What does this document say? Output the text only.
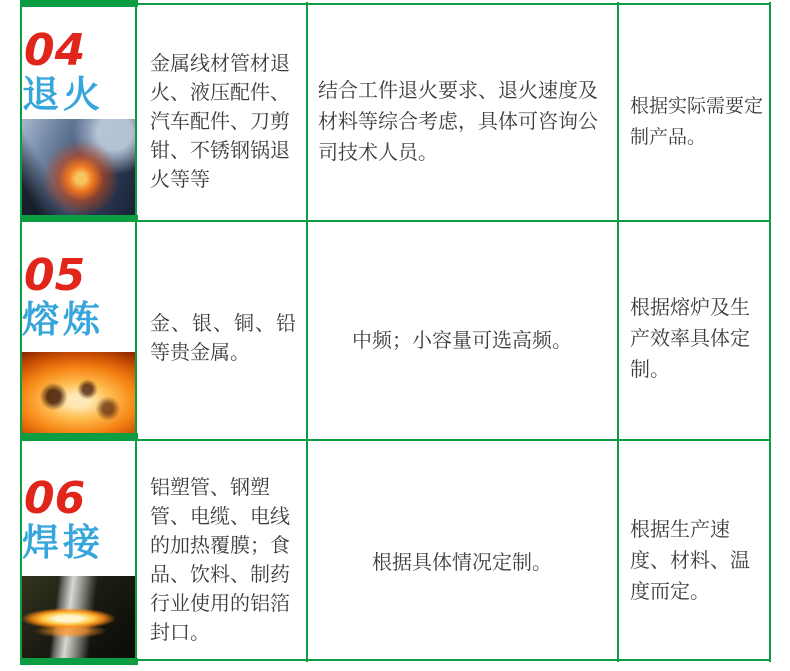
04
退火

金属线材管材退火、液压配件、汽车配件、刀剪钳、不锈钢锅退火等等

结合工件退火要求、退火速度及材料等综合考虑，具体可咨询公司技术人员。

根据实际需要定制产品。

05
熔炼	金、银、铜、铅等贵金属。

中频；小容量可选高频。

根据熔炉及生产效率具体定制。

06
焊接

铝塑管、钢塑管、电缆、电线的加热覆膜；食品、饮料、制药行业使用的铝箔封口。

根据具体情况定制。

根据生产速度、材料、温度而定。
